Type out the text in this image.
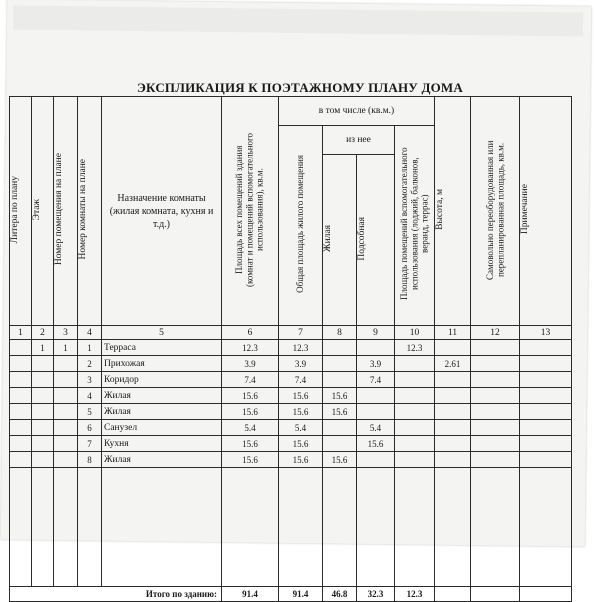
ЭКСПЛИКАЦИЯ К ПОЭТАЖНОМУ ПЛАНУ ДОМА
Литера по плану	Этаж	Номер помещения на плане	Номер комнаты на плане	Назначение комнаты (жилая комната, кухня и т.д.)	Площадь всех помещений здания (комнат и помещений вспомогательного использования), кв.м.	в том числе (кв.м.)				Высота, м	Самовольно переоборудованная или перепланированная площадь, кв.м.	Примечание
						Общая площадь жилого помещения	из нее		Площадь помещений вспомогательного использования (лоджий, балконов, веранд, террас)			
							Жилая	Подсобная				
1	2	3	4	5	6	7	8	9	10	11	12	13
	1	1	1	Терраса	12.3	12.3			12.3			
			2	Прихожая	3.9	3.9		3.9		2.61		
			3	Коридор	7.4	7.4		7.4				
			4	Жилая	15.6	15.6	15.6					
			5	Жилая	15.6	15.6	15.6					
			6	Санузел	5.4	5.4		5.4				
			7	Кухня	15.6	15.6		15.6				
			8	Жилая	15.6	15.6	15.6					

Итого по зданию:					91.4	91.4	46.8	32.3	12.3			
